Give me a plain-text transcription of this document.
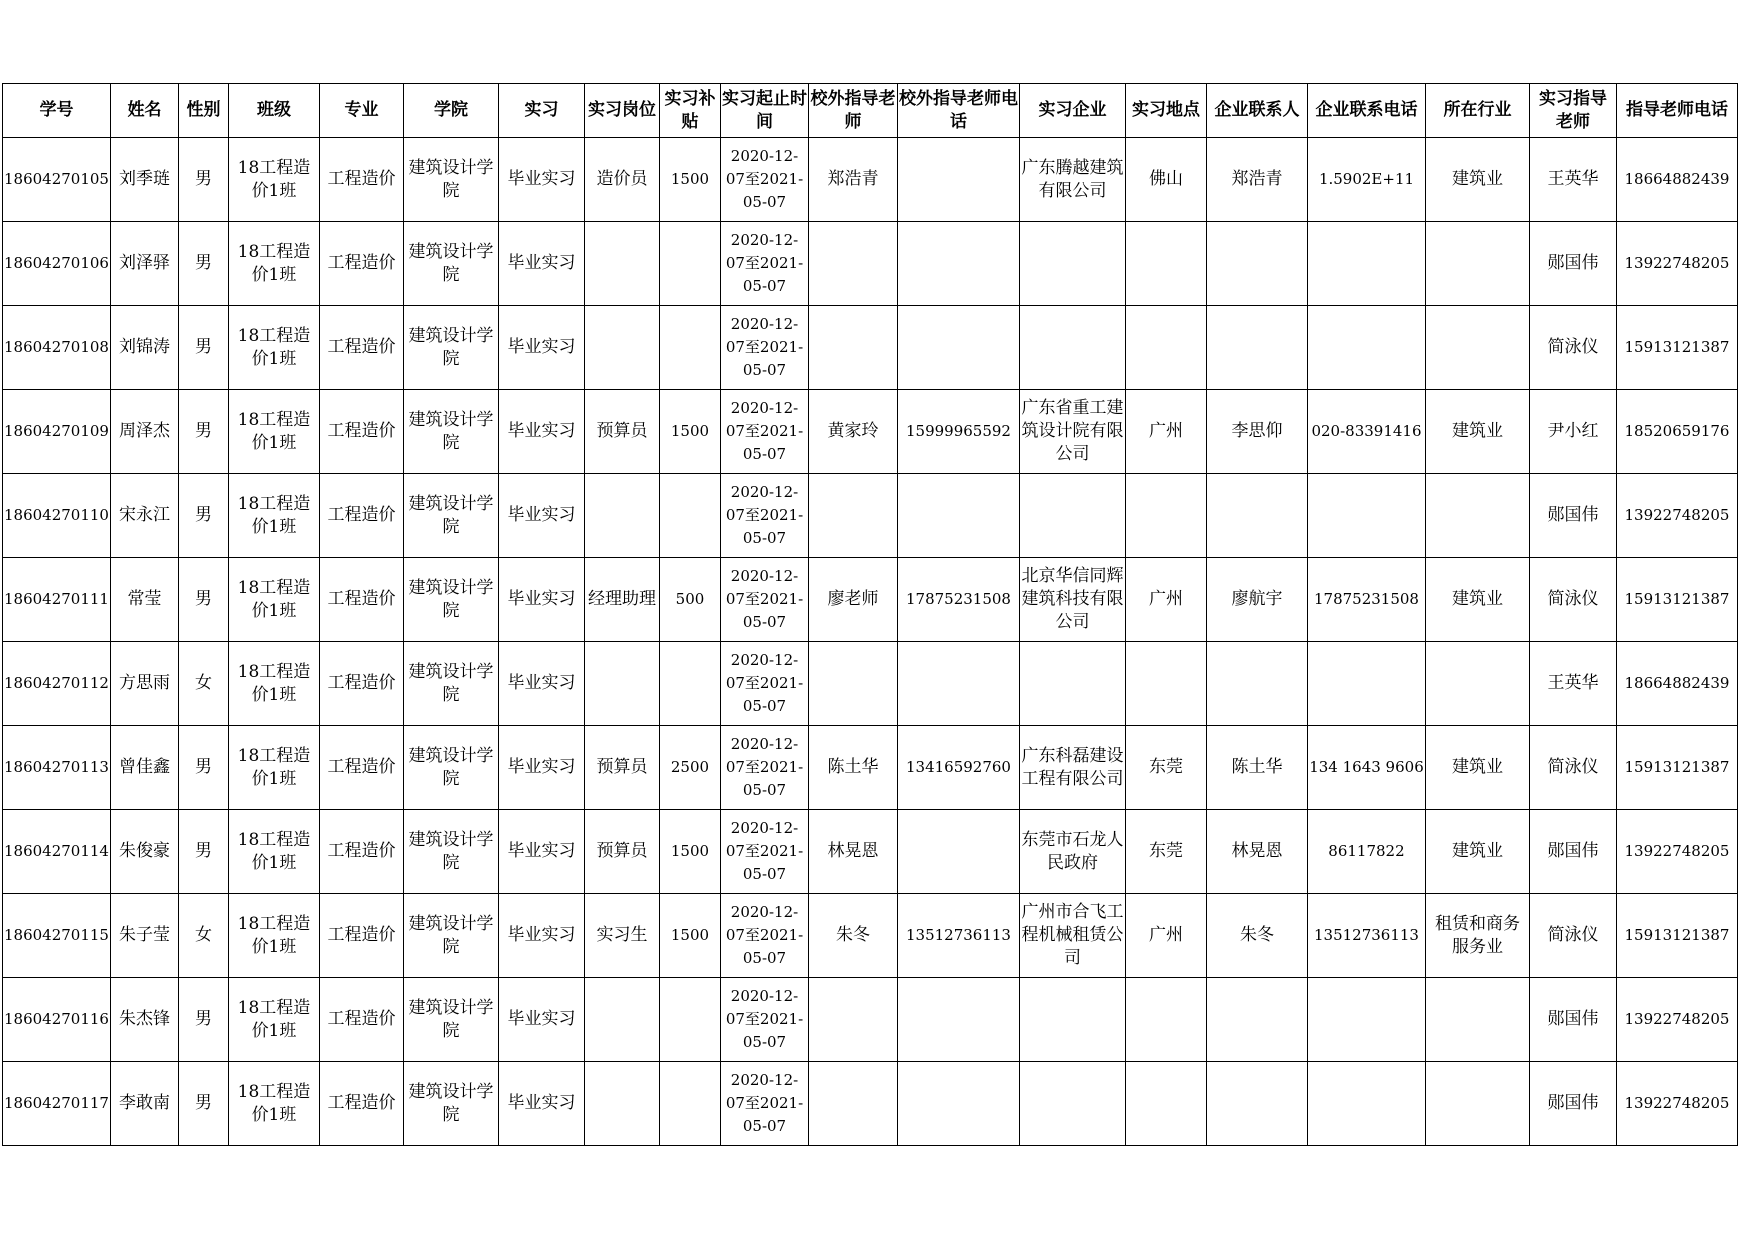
学号	姓名	性别	班级	专业	学院	实习	实习岗位	实习补贴	实习起止时间	校外指导老师	校外指导老师电话	实习企业	实习地点	企业联系人	企业联系电话	所在行业	实习指导老师	指导老师电话
18604270105	刘季琏	男	18工程造价1班	工程造价	建筑设计学院	毕业实习	造价员	1500	2020-12-07至2021-05-07	郑浩青		广东腾越建筑有限公司	佛山	郑浩青	1.5902E+11	建筑业	王英华	18664882439
18604270106	刘泽驿	男	18工程造价1班	工程造价	建筑设计学院	毕业实习			2020-12-07至2021-05-07								郧国伟	13922748205
18604270108	刘锦涛	男	18工程造价1班	工程造价	建筑设计学院	毕业实习			2020-12-07至2021-05-07								简泳仪	15913121387
18604270109	周泽杰	男	18工程造价1班	工程造价	建筑设计学院	毕业实习	预算员	1500	2020-12-07至2021-05-07	黄家玲	15999965592	广东省重工建筑设计院有限公司	广州	李思仰	020-83391416	建筑业	尹小红	18520659176
18604270110	宋永江	男	18工程造价1班	工程造价	建筑设计学院	毕业实习			2020-12-07至2021-05-07								郧国伟	13922748205
18604270111	常莹	男	18工程造价1班	工程造价	建筑设计学院	毕业实习	经理助理	500	2020-12-07至2021-05-07	廖老师	17875231508	北京华信同辉建筑科技有限公司	广州	廖航宇	17875231508	建筑业	简泳仪	15913121387
18604270112	方思雨	女	18工程造价1班	工程造价	建筑设计学院	毕业实习			2020-12-07至2021-05-07								王英华	18664882439
18604270113	曾佳鑫	男	18工程造价1班	工程造价	建筑设计学院	毕业实习	预算员	2500	2020-12-07至2021-05-07	陈土华	13416592760	广东科磊建设工程有限公司	东莞	陈土华	134 1643 9606	建筑业	简泳仪	15913121387
18604270114	朱俊豪	男	18工程造价1班	工程造价	建筑设计学院	毕业实习	预算员	1500	2020-12-07至2021-05-07	林晃恩		东莞市石龙人民政府	东莞	林晃恩	86117822	建筑业	郧国伟	13922748205
18604270115	朱子莹	女	18工程造价1班	工程造价	建筑设计学院	毕业实习	实习生	1500	2020-12-07至2021-05-07	朱冬	13512736113	广州市合飞工程机械租赁公司	广州	朱冬	13512736113	租赁和商务服务业	简泳仪	15913121387
18604270116	朱杰锋	男	18工程造价1班	工程造价	建筑设计学院	毕业实习			2020-12-07至2021-05-07								郧国伟	13922748205
18604270117	李敢南	男	18工程造价1班	工程造价	建筑设计学院	毕业实习			2020-12-07至2021-05-07								郧国伟	13922748205
